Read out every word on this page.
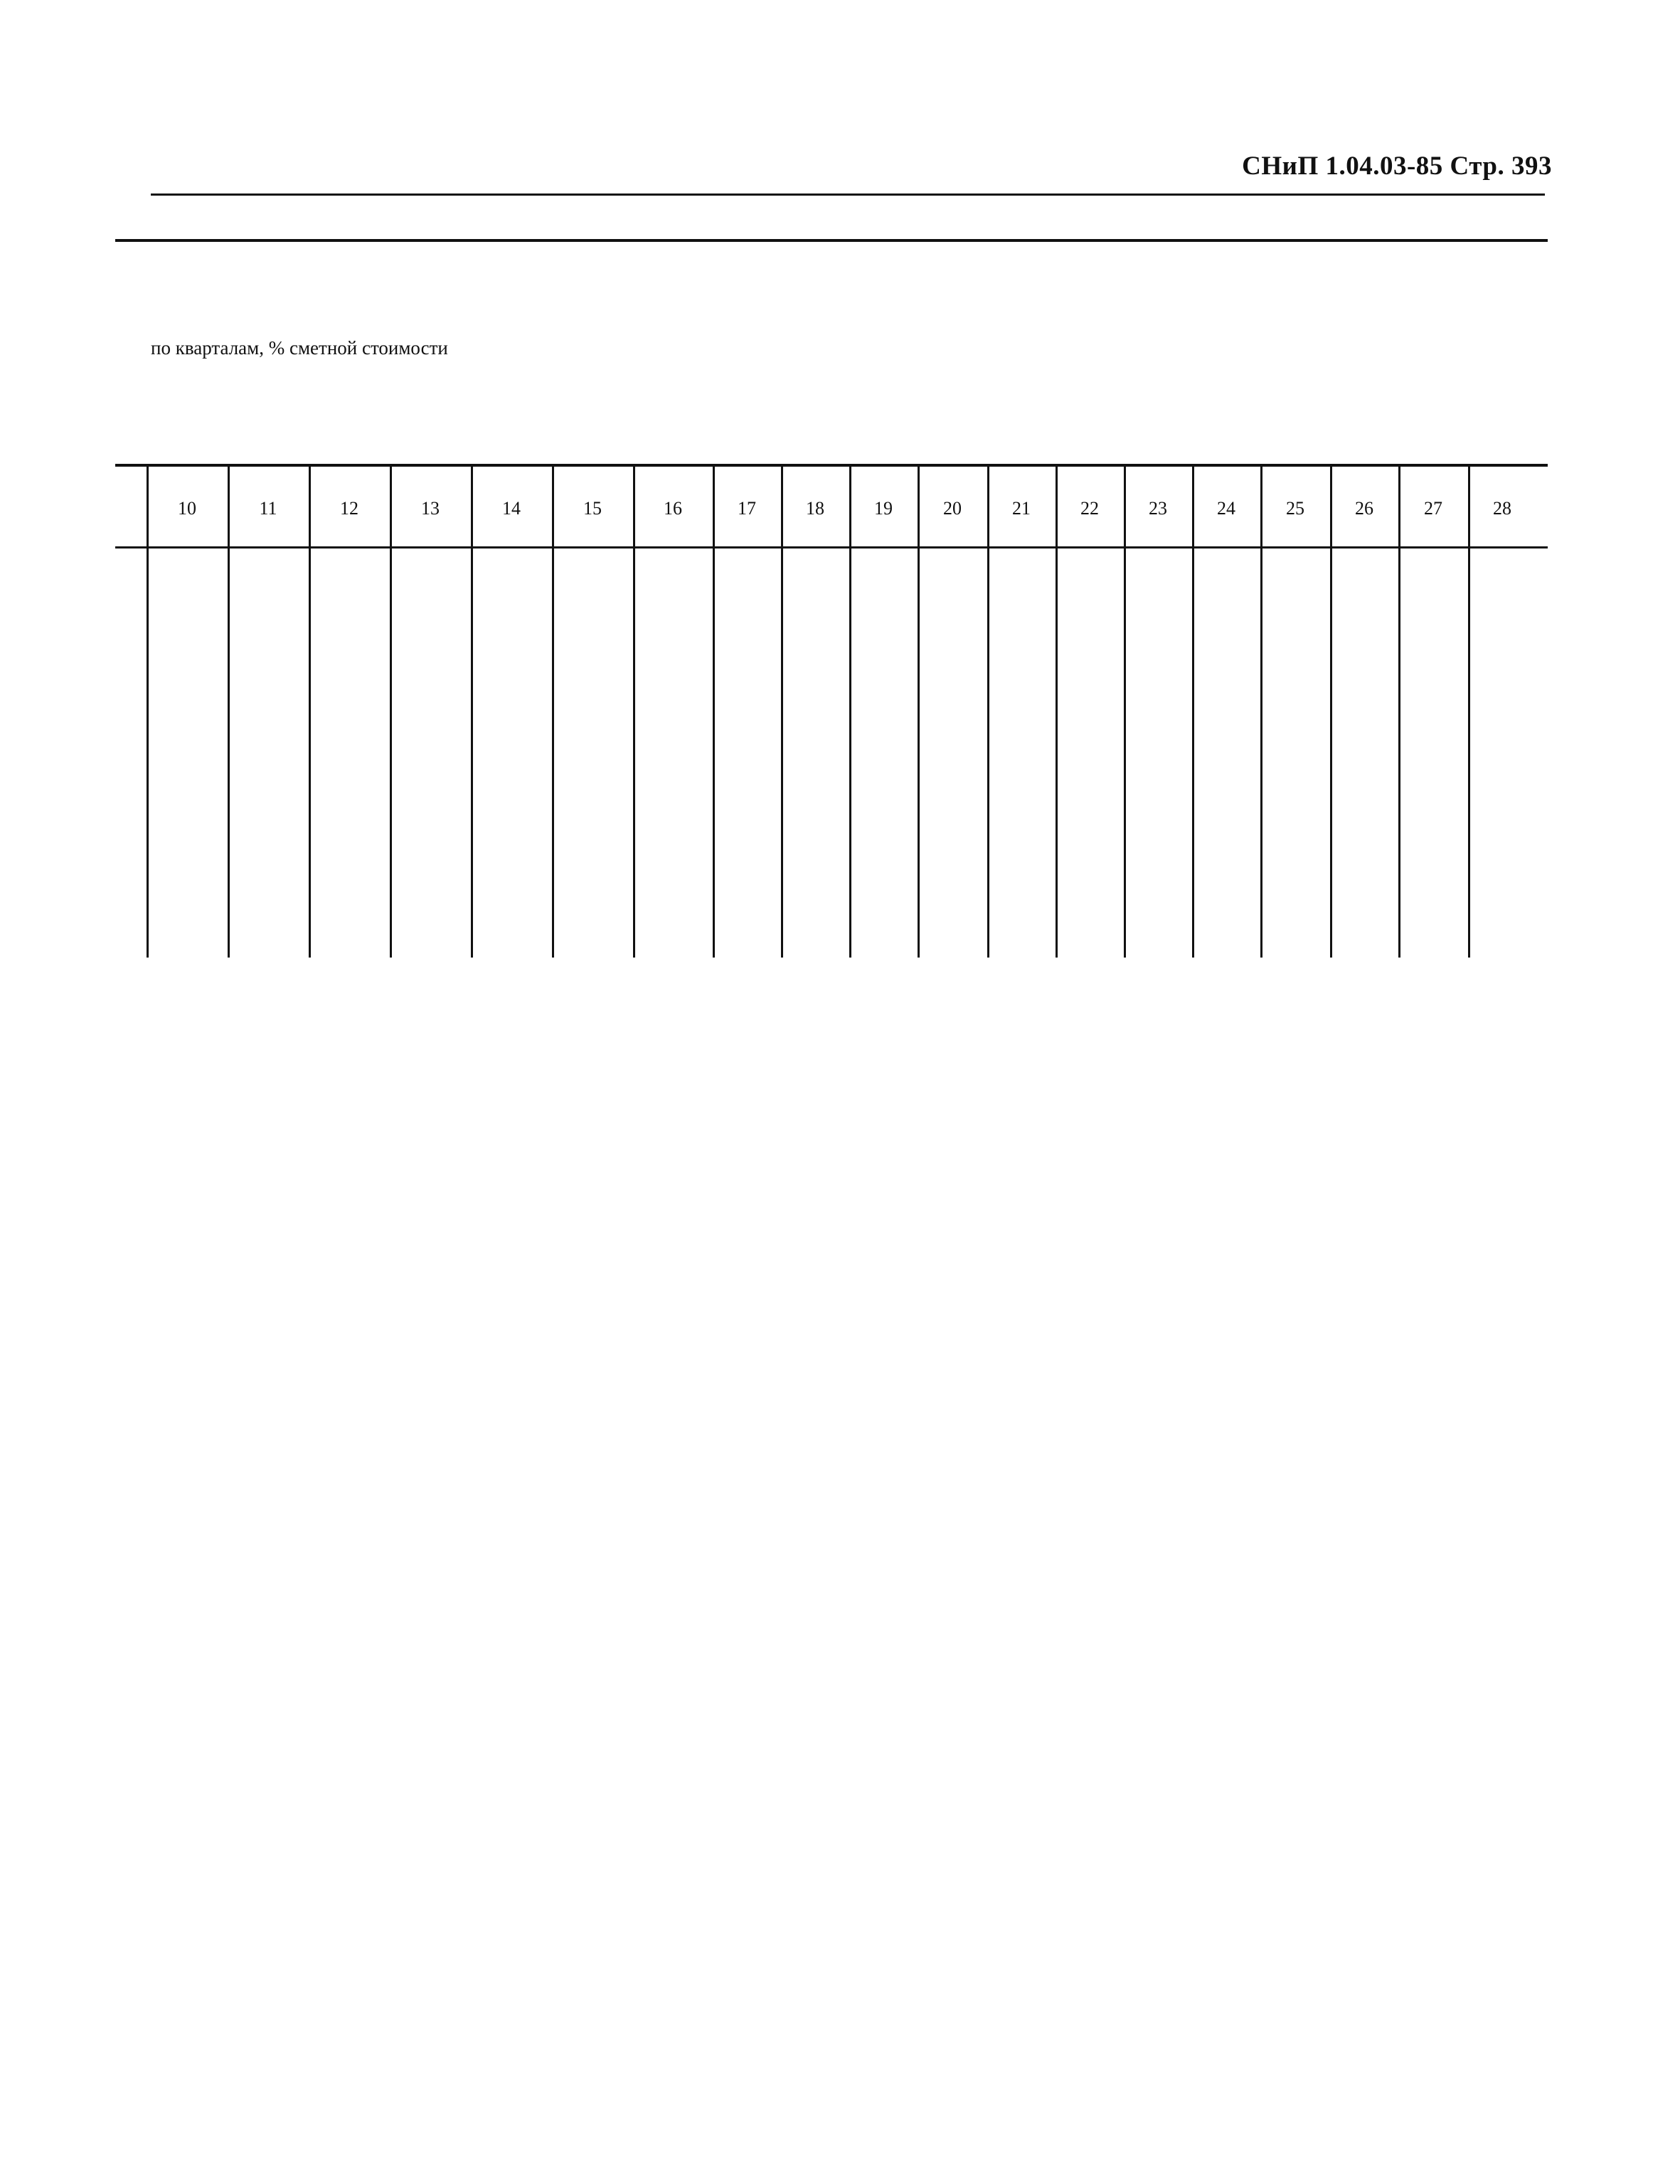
СНиП 1.04.03-85 Стр. 393
по кварталам, % сметной стоимости
10	11	12	13	14	15	16	17	18	19	20	21	22	23	24	25	26	27	28
